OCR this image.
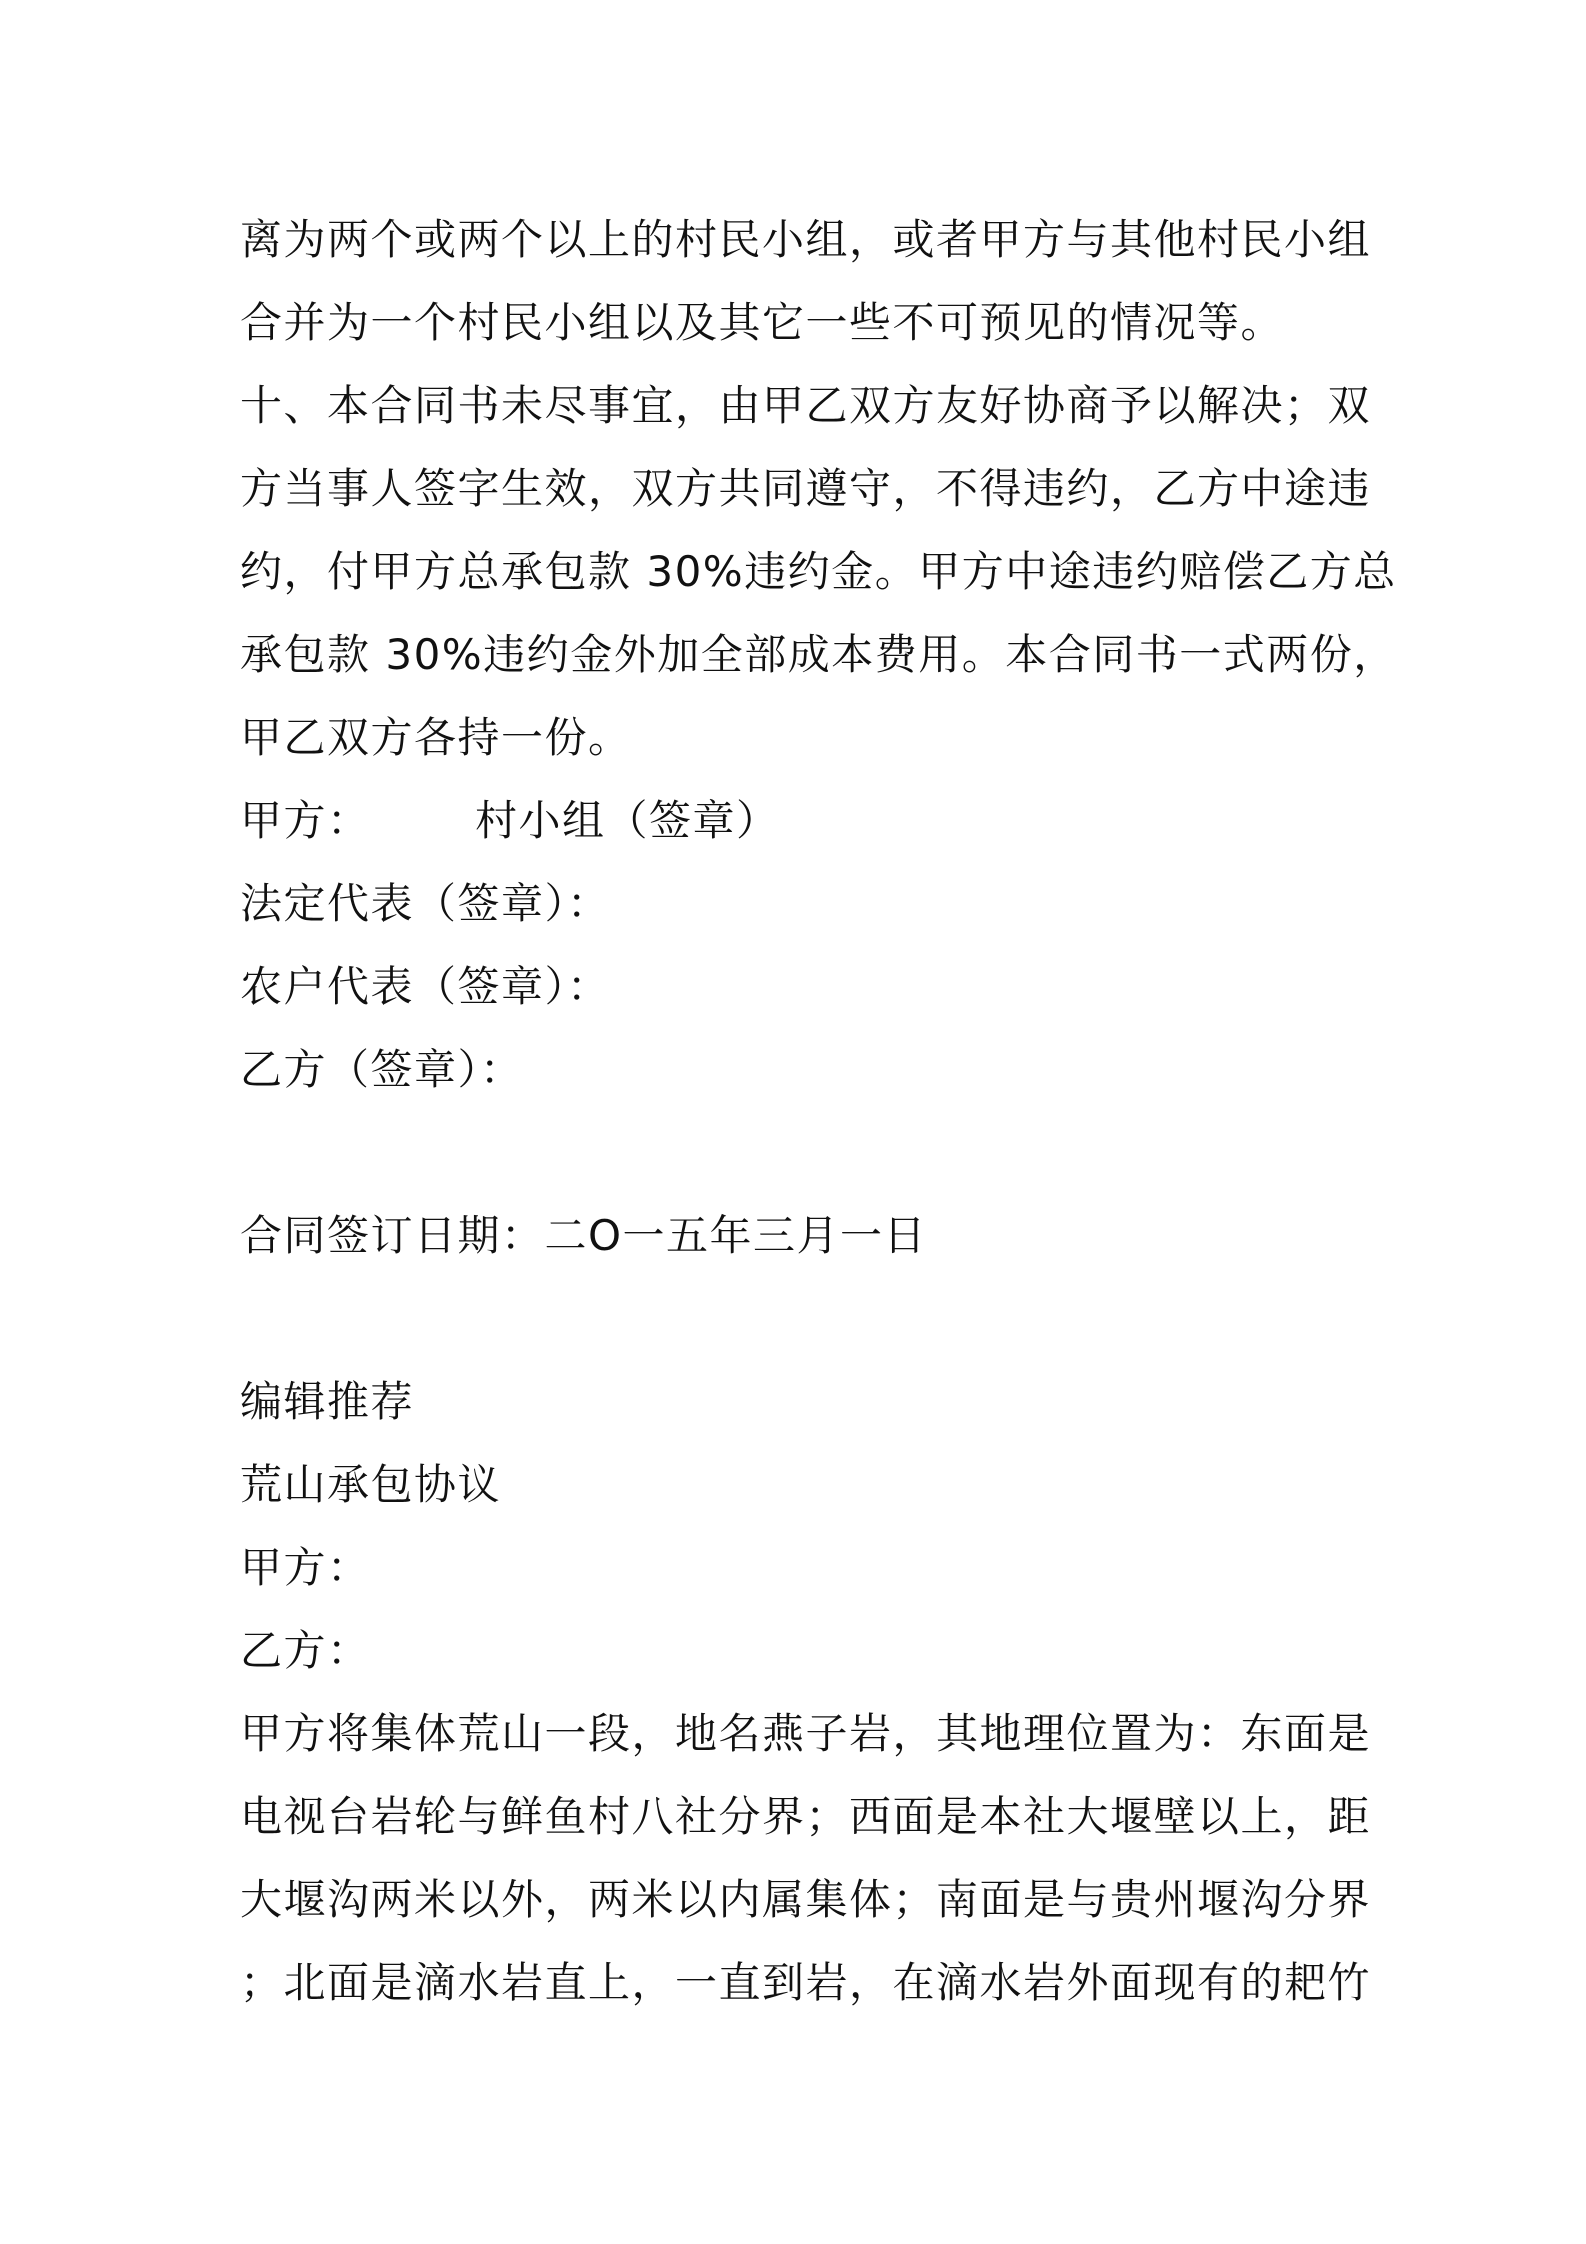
离为两个或两个以上的村民小组，或者甲方与其他村民小组
合并为一个村民小组以及其它一些不可预见的情况等。
十、本合同书未尽事宜，由甲乙双方友好协商予以解决；双
方当事人签字生效，双方共同遵守，不得违约，乙方中途违
约，付甲方总承包款 30%违约金。甲方中途违约赔偿乙方总
承包款 30%违约金外加全部成本费用。本合同书一式两份，
甲乙双方各持一份。
甲方：	村小组（签章）
法定代表（签章）：
农户代表（签章）：
乙方（签章）：
合同签订日期：二O一五年三月一日
编辑推荐
荒山承包协议
甲方：
乙方：
甲方将集体荒山一段，地名燕子岩，其地理位置为：东面是
电视台岩轮与鲜鱼村八社分界；西面是本社大堰壁以上，距
大堰沟两米以外，两米以内属集体；南面是与贵州堰沟分界
；北面是滴水岩直上，一直到岩，在滴水岩外面现有的耙竹
